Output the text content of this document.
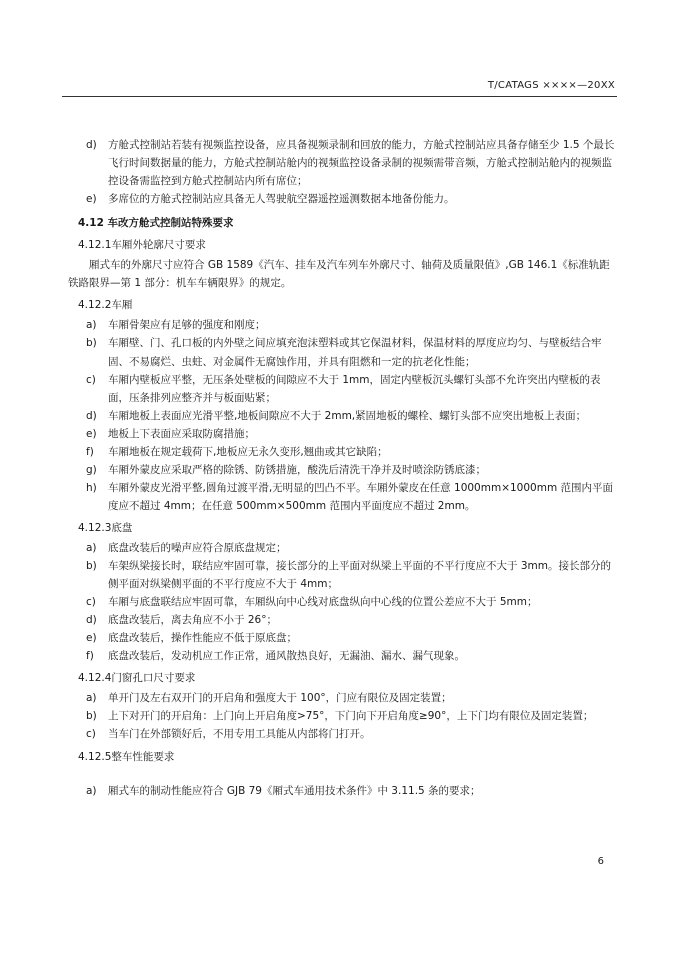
T/CATAGS ××××—20XX
d)	方舱式控制站若装有视频监控设备，应具备视频录制和回放的能力，方舱式控制站应具备存储至少 1.5 个最长飞行时间数据量的能力，方舱式控制站舱内的视频监控设备录制的视频需带音频，方舱式控制站舱内的视频监控设备需监控到方舱式控制站内所有席位；
e)	多席位的方舱式控制站应具备无人驾驶航空器遥控遥测数据本地备份能力。
4.12 车改方舱式控制站特殊要求
4.12.1车厢外轮廓尺寸要求

厢式车的外廓尺寸应符合 GB 1589《汽车、挂车及汽车列车外廓尺寸、轴荷及质量限值》,GB 146.1《标准轨距铁路限界—第 1 部分：机车车辆限界》的规定。

4.12.2车厢
a)	车厢骨架应有足够的强度和刚度；
b)	车厢壁、门、孔口板的内外壁之间应填充泡沫塑料或其它保温材料，保温材料的厚度应均匀、与壁板结合牢固、不易腐烂、虫蛀、对金属件无腐蚀作用，并具有阻燃和一定的抗老化性能；
c)	车厢内壁板应平整，无压条处壁板的间隙应不大于 1mm，固定内壁板沉头螺钉头部不允许突出内壁板的表面，压条排列应整齐并与板面贴紧；
d)	车厢地板上表面应光滑平整,地板间隙应不大于 2mm,紧固地板的螺栓、螺钉头部不应突出地板上表面；
e)	地板上下表面应采取防腐措施；
f)	车厢地板在规定载荷下,地板应无永久变形,翘曲或其它缺陷；
g)	车厢外蒙皮应采取严格的除锈、防锈措施，酸洗后清洗干净并及时喷涂防锈底漆；
h)	车厢外蒙皮光滑平整,圆角过渡平滑,无明显的凹凸不平。车厢外蒙皮在任意 1000mm×1000mm 范围内平面度应不超过 4mm；在任意 500mm×500mm 范围内平面度应不超过 2mm。
4.12.3底盘
a)	底盘改装后的噪声应符合原底盘规定；
b)	车架纵梁接长时，联结应牢固可靠，接长部分的上平面对纵梁上平面的不平行度应不大于 3mm。接长部分的侧平面对纵梁侧平面的不平行度应不大于 4mm；
c)	车厢与底盘联结应牢固可靠，车厢纵向中心线对底盘纵向中心线的位置公差应不大于 5mm；
d)	底盘改装后，离去角应不小于 26°；
e)	底盘改装后，操作性能应不低于原底盘；
f)	底盘改装后，发动机应工作正常，通风散热良好，无漏油、漏水、漏气现象。
4.12.4门窗孔口尺寸要求
a)	单开门及左右双开门的开启角和强度大于 100°，门应有限位及固定装置；
b)	上下对开门的开启角：上门向上开启角度>75°，下门向下开启角度≥90°，上下门均有限位及固定装置；
c)	当车门在外部锁好后，不用专用工具能从内部将门打开。
4.12.5整车性能要求
a)	厢式车的制动性能应符合 GJB 79《厢式车通用技术条件》中 3.11.5 条的要求；
6
